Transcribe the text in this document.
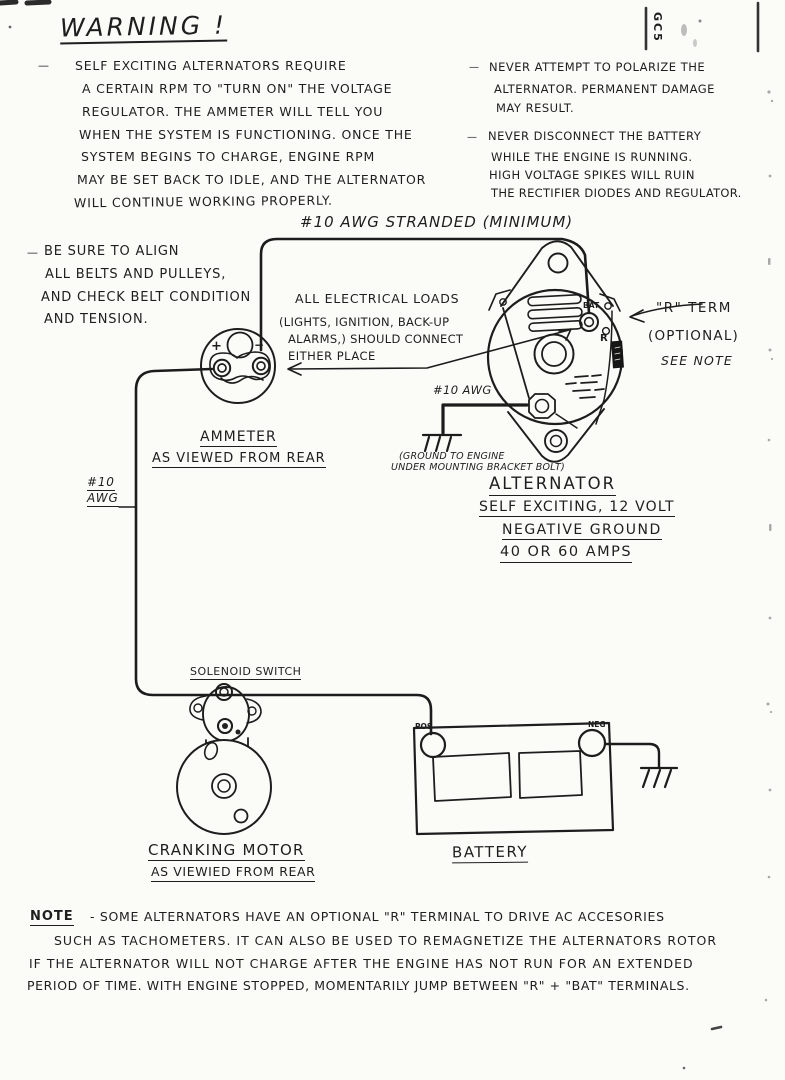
WARNING !	GC5
— SELF EXCITING ALTERNATORS REQUIRE
A CERTAIN RPM TO "TURN ON" THE VOLTAGE
REGULATOR. THE AMMETER WILL TELL YOU
WHEN THE SYSTEM IS FUNCTIONING. ONCE THE
SYSTEM BEGINS TO CHARGE, ENGINE RPM
MAY BE SET BACK TO IDLE, AND THE ALTERNATOR
WILL CONTINUE WORKING PROPERLY.
— NEVER ATTEMPT TO POLARIZE THE
ALTERNATOR. PERMANENT DAMAGE
MAY RESULT.
— NEVER DISCONNECT THE BATTERY
WHILE THE ENGINE IS RUNNING.
HIGH VOLTAGE SPIKES WILL RUIN
THE RECTIFIER DIODES AND REGULATOR.
— BE SURE TO ALIGN
ALL BELTS AND PULLEYS,
AND CHECK BELT CONDITION
AND TENSION.
#10 AWG STRANDED (MINIMUM)
ALL ELECTRICAL LOADS
(LIGHTS, IGNITION, BACK-UP
ALARMS,) SHOULD CONNECT
EITHER PLACE
"R" TERM
(OPTIONAL)
SEE NOTE
BAT.
R
#10 AWG
(GROUND TO ENGINE
UNDER MOUNTING BRACKET BOLT)
ALTERNATOR
SELF EXCITING, 12 VOLT
NEGATIVE GROUND
40 OR 60 AMPS
+	−
AMMETER
AS VIEWED FROM REAR
#10
AWG
SOLENOID SWITCH
CRANKING MOTOR
AS VIEWIED FROM REAR
BATTERY
POS	NEG
NOTE - SOME ALTERNATORS HAVE AN OPTIONAL "R" TERMINAL TO DRIVE AC ACCESORIES
SUCH AS TACHOMETERS. IT CAN ALSO BE USED TO REMAGNETIZE THE ALTERNATORS ROTOR
IF THE ALTERNATOR WILL NOT CHARGE AFTER THE ENGINE HAS NOT RUN FOR AN EXTENDED
PERIOD OF TIME. WITH ENGINE STOPPED, MOMENTARILY JUMP BETWEEN "R" + "BAT" TERMINALS.
